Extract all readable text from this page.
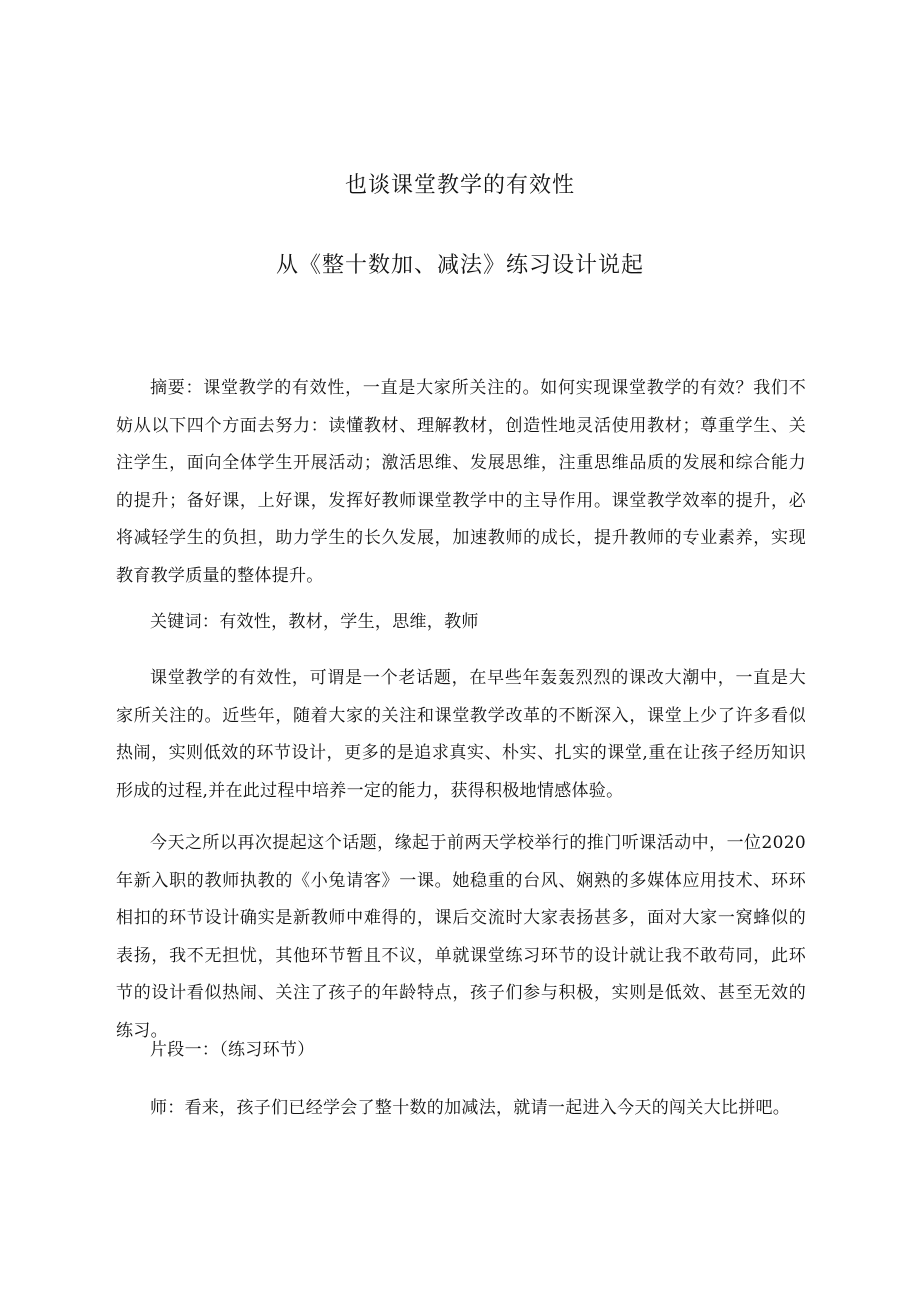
也谈课堂教学的有效性
从《整十数加、减法》练习设计说起

摘要：课堂教学的有效性，一直是大家所关注的。如何实现课堂教学的有效？我们不妨从以下四个方面去努力：读懂教材、理解教材，创造性地灵活使用教材；尊重学生、关注学生，面向全体学生开展活动；激活思维、发展思维，注重思维品质的发展和综合能力的提升；备好课，上好课，发挥好教师课堂教学中的主导作用。课堂教学效率的提升，必将减轻学生的负担，助力学生的长久发展，加速教师的成长，提升教师的专业素养，实现教育教学质量的整体提升。

关键词：有效性，教材，学生，思维，教师

课堂教学的有效性，可谓是一个老话题，在早些年轰轰烈烈的课改大潮中，一直是大家所关注的。近些年，随着大家的关注和课堂教学改革的不断深入，课堂上少了许多看似热闹，实则低效的环节设计，更多的是追求真实、朴实、扎实的课堂,重在让孩子经历知识形成的过程,并在此过程中培养一定的能力，获得积极地情感体验。

今天之所以再次提起这个话题，缘起于前两天学校举行的推门听课活动中，一位2020年新入职的教师执教的《小兔请客》一课。她稳重的台风、娴熟的多媒体应用技术、环环相扣的环节设计确实是新教师中难得的，课后交流时大家表扬甚多，面对大家一窝蜂似的表扬，我不无担忧，其他环节暂且不议，单就课堂练习环节的设计就让我不敢苟同，此环节的设计看似热闹、关注了孩子的年龄特点，孩子们参与积极，实则是低效、甚至无效的练习。

片段一：（练习环节）

师：看来，孩子们已经学会了整十数的加减法，就请一起进入今天的闯关大比拼吧。
